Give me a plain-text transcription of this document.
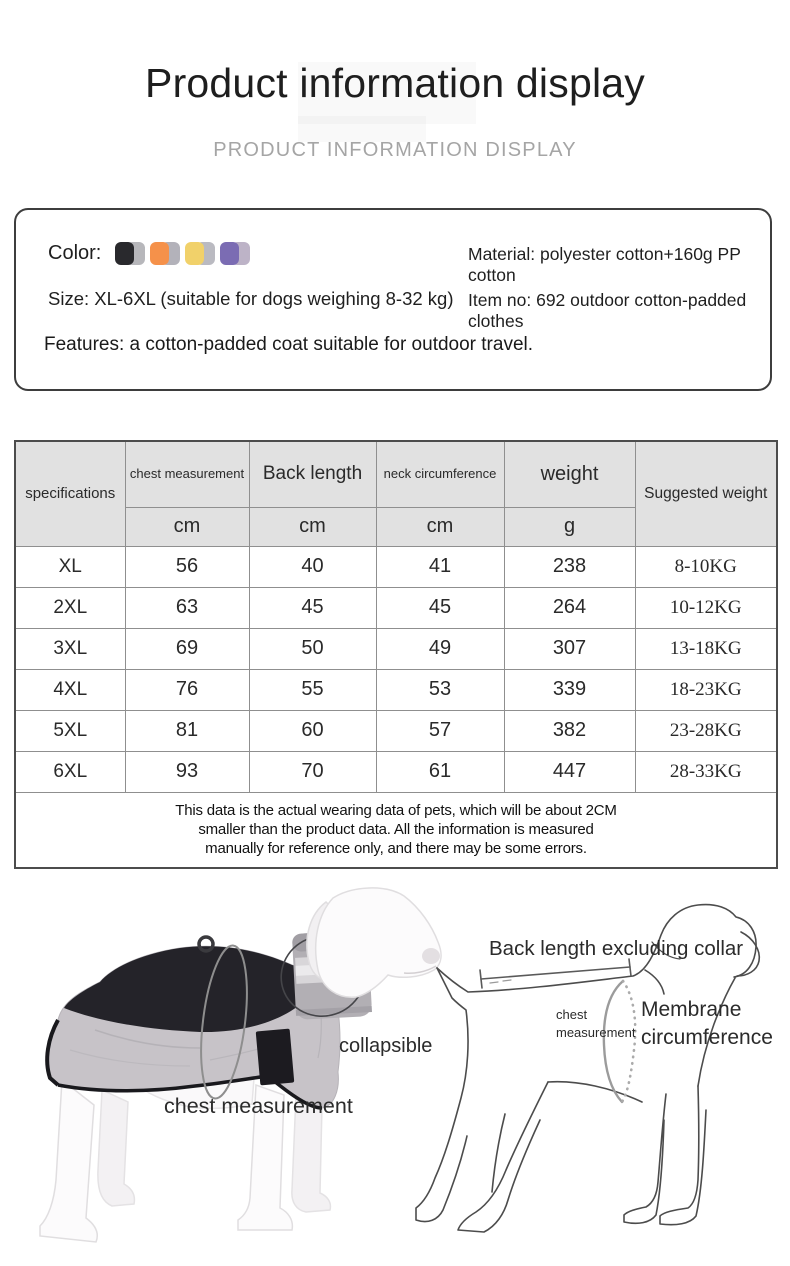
Product information display
PRODUCT INFORMATION DISPLAY
Color:
Size: XL-6XL (suitable for dogs weighing 8-32 kg)
Material: polyester cotton+160g PP cotton
Item no: 692 outdoor cotton-padded clothes
Features: a cotton-padded coat suitable for outdoor travel.
specifications	chest measurement	Back length	neck circumference	weight	Suggested weight
	cm	cm	cm	g	
XL	56	40	41	238	8-10KG
2XL	63	45	45	264	10-12KG
3XL	69	50	49	307	13-18KG
4XL	76	55	53	339	18-23KG
5XL	81	60	57	382	23-28KG
6XL	93	70	61	447	28-33KG

This data is the actual wearing data of pets, which will be about 2CM
smaller than the product data. All the information is measured
manually for reference only, and there may be some errors.					
collapsible
chest measurement
Back length excluding collar
Membrane
circumference
chest
measurement
